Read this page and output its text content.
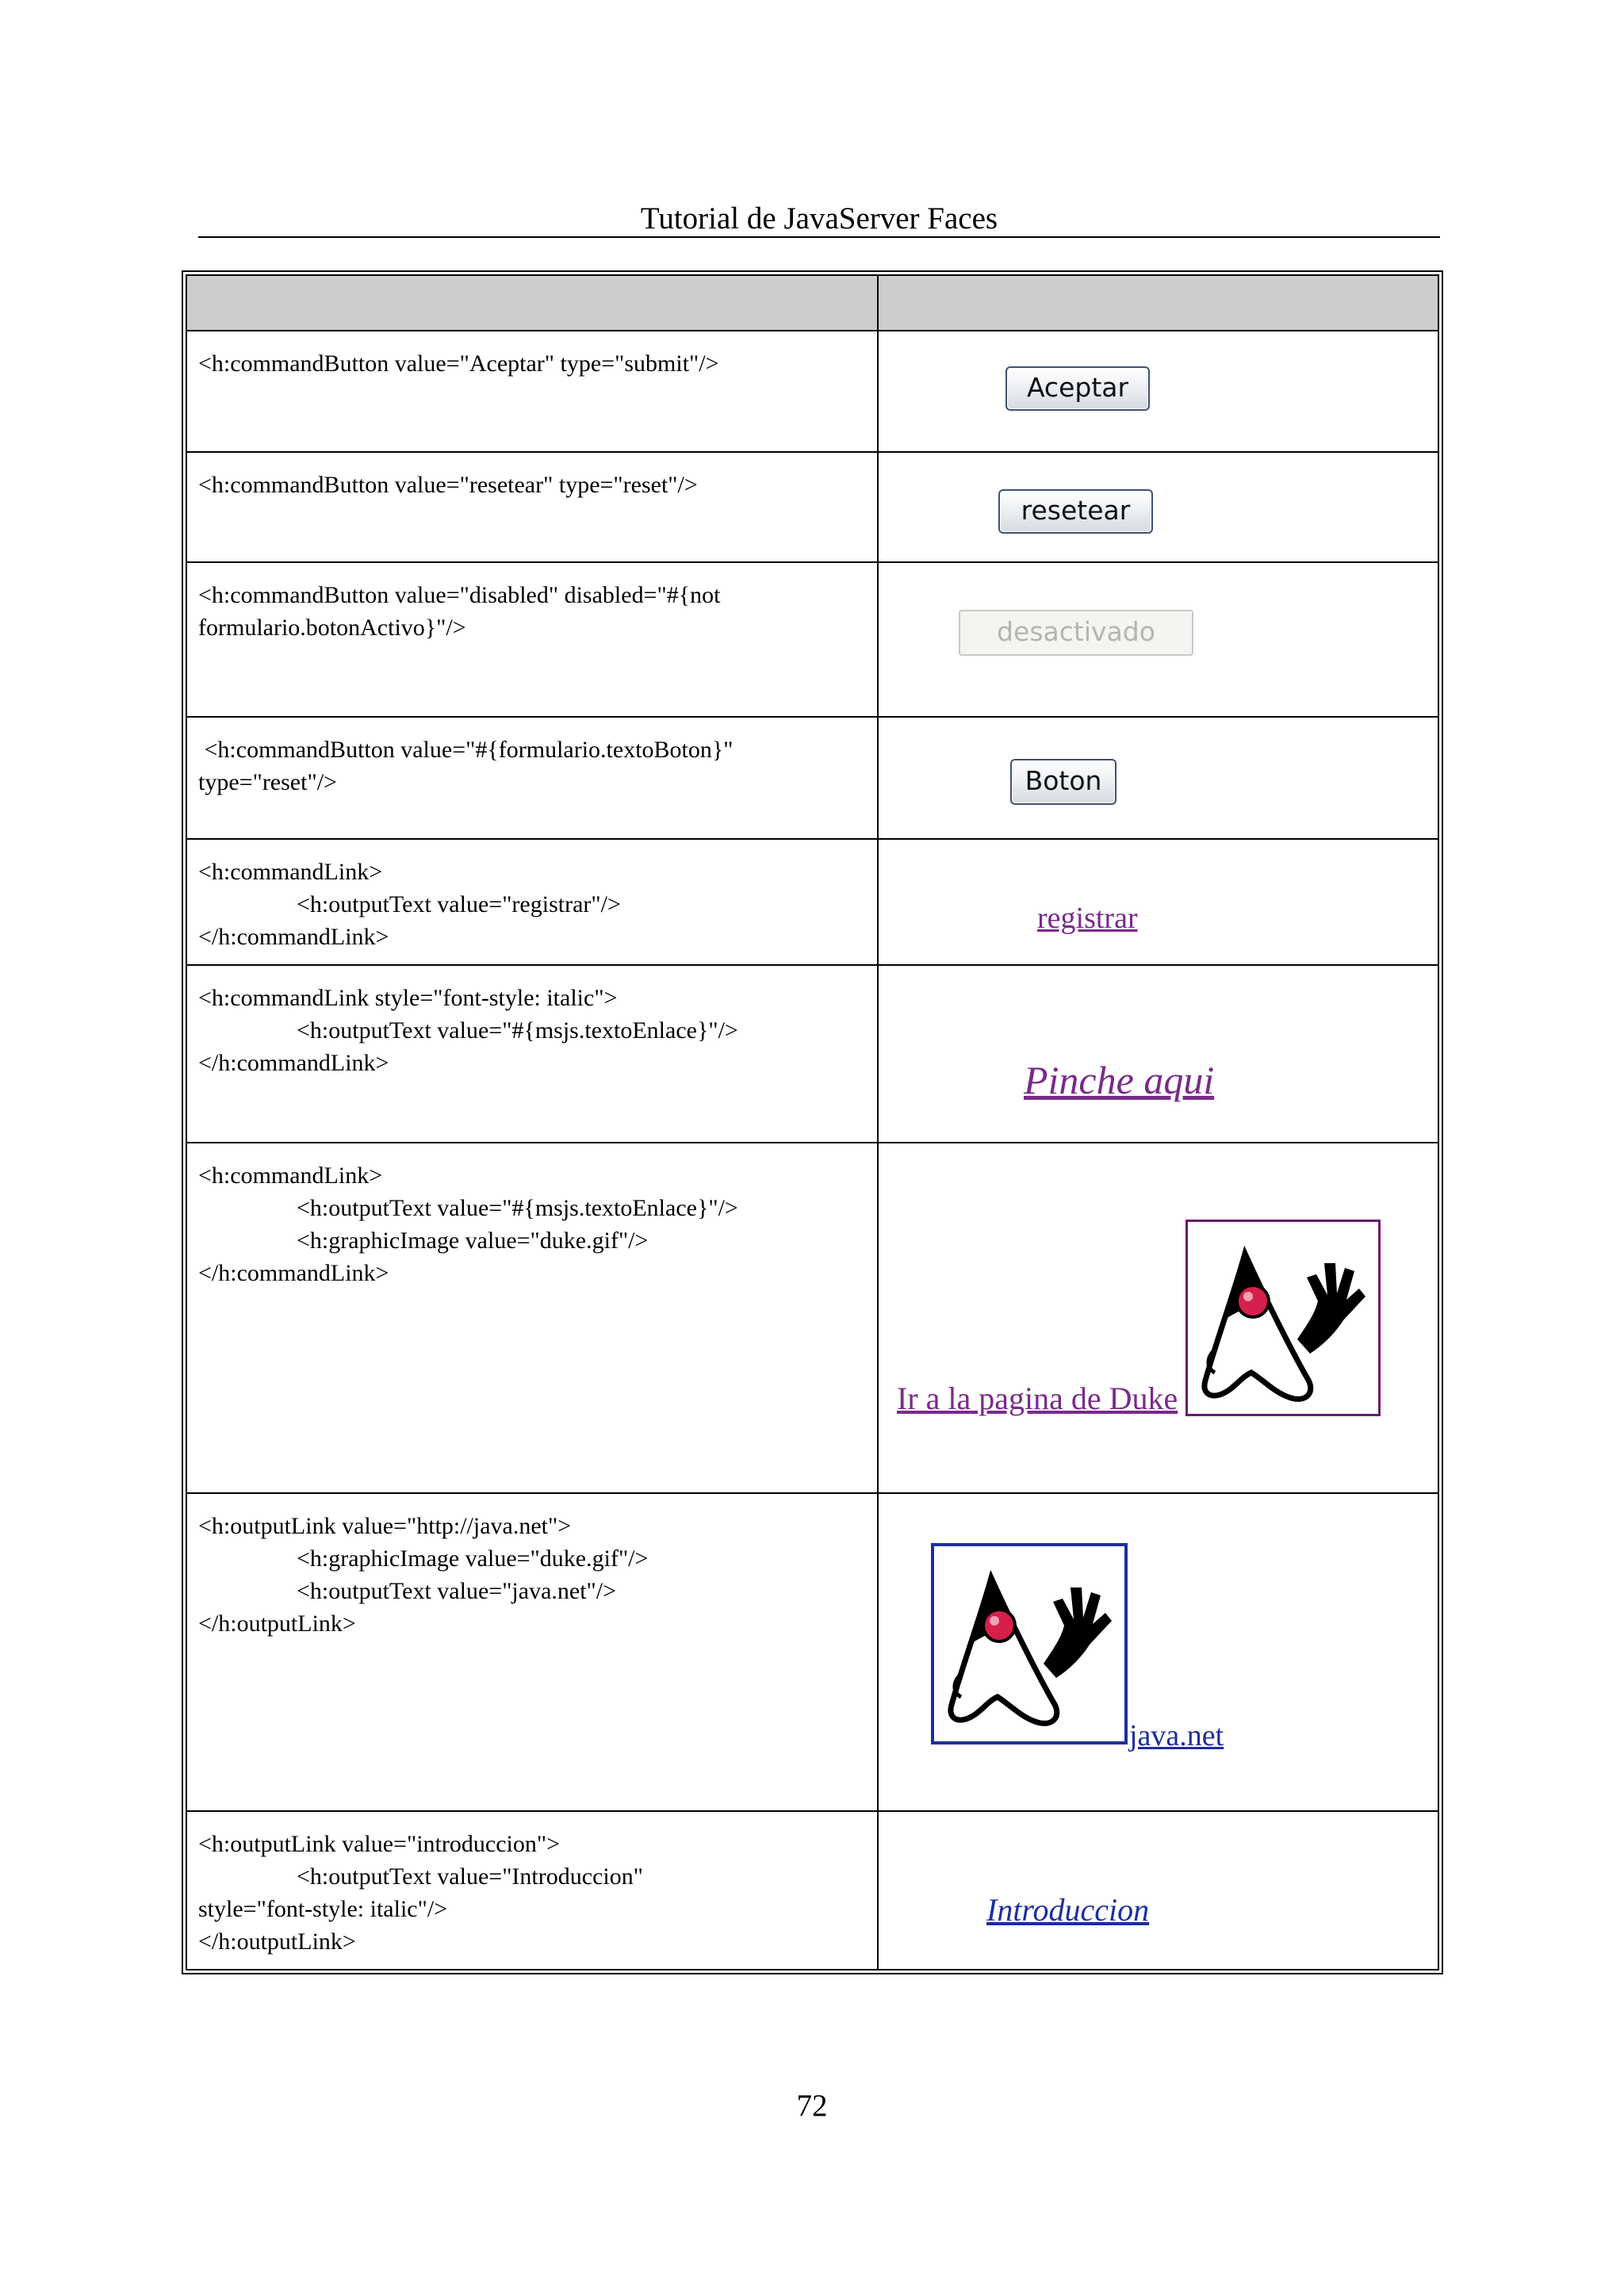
Tutorial de JavaServer Faces

<h:commandButton value="Aceptar" type="submit"/>	Aceptar

<h:commandButton value="resetear" type="reset"/>	resetear

<h:commandButton value="disabled" disabled="#{not
formulario.botonActivo}"/>	desactivado

<h:commandButton value="#{formulario.textoBoton}"
type="reset"/>	Boton

<h:commandLink>
<h:outputText value="registrar"/>
</h:commandLink>	registrar

<h:commandLink style="font-style: italic">
<h:outputText value="#{msjs.textoEnlace}"/>
</h:commandLink>	Pinche aqui

<h:commandLink>
<h:outputText value="#{msjs.textoEnlace}"/>
<h:graphicImage value="duke.gif"/>
</h:commandLink>	Ir a la pagina de Duke

<h:outputLink value="http://java.net">
<h:graphicImage value="duke.gif"/>
<h:outputText value="java.net"/>
</h:outputLink>	java.net

<h:outputLink value="introduccion">
<h:outputText value="Introduccion"
style="font-style: italic"/>
</h:outputLink>	Introduccion
72
